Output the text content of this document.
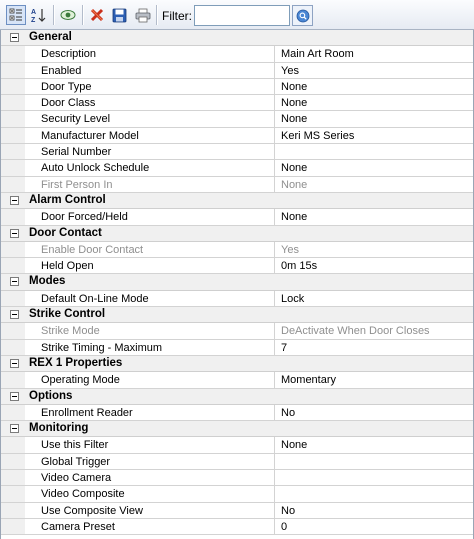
A
Z	Filter:
General
Description	Main Art Room
Enabled	Yes
Door Type	None
Door Class	None
Security Level	None
Manufacturer Model	Keri MS Series
Serial Number
Auto Unlock Schedule	None
First Person In	None
Alarm Control
Door Forced/Held	None
Door Contact
Enable Door Contact	Yes
Held Open	0m 15s
Modes
Default On-Line Mode	Lock
Strike Control
Strike Mode	DeActivate When Door Closes
Strike Timing - Maximum	7
REX 1 Properties
Operating Mode	Momentary
Options
Enrollment Reader	No
Monitoring
Use this Filter	None
Global Trigger
Video Camera
Video Composite
Use Composite View	No
Camera Preset	0
